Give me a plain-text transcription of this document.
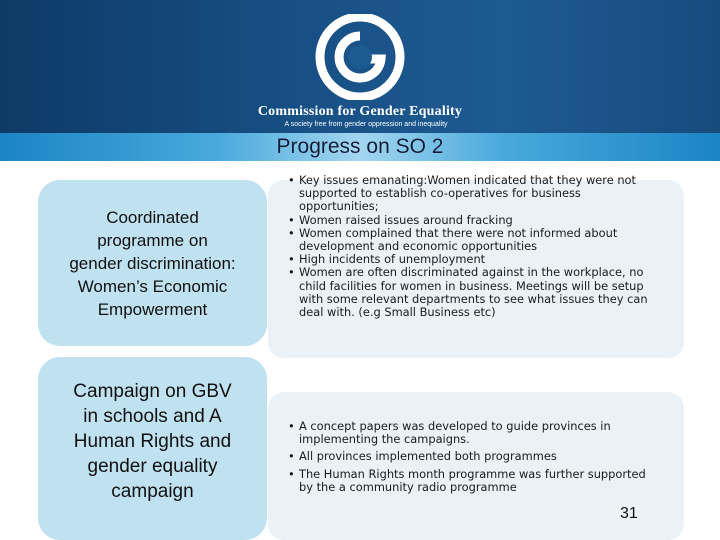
Commission for Gender Equality
A society free from gender oppression and inequality
Progress on SO 2
Coordinated
programme on
gender discrimination:
Women’s Economic
Empowerment
Campaign on GBV
in schools and A
Human Rights and
gender equality
campaign
• Key issues emanating:Women indicated that they were not supported to establish co-operatives for business opportunities;
• Women raised issues around fracking
• Women complained that there were not informed about development and economic opportunities
• High incidents of unemployment
• Women are often discriminated against in the workplace, no child facilities for women in business. Meetings will be setup with some relevant departments to see what issues they can deal with. (e.g Small Business etc)
• A concept papers was developed to guide provinces in implementing the campaigns.
• All provinces implemented both programmes
• The Human Rights month programme was further supported by the a community radio programme
31
